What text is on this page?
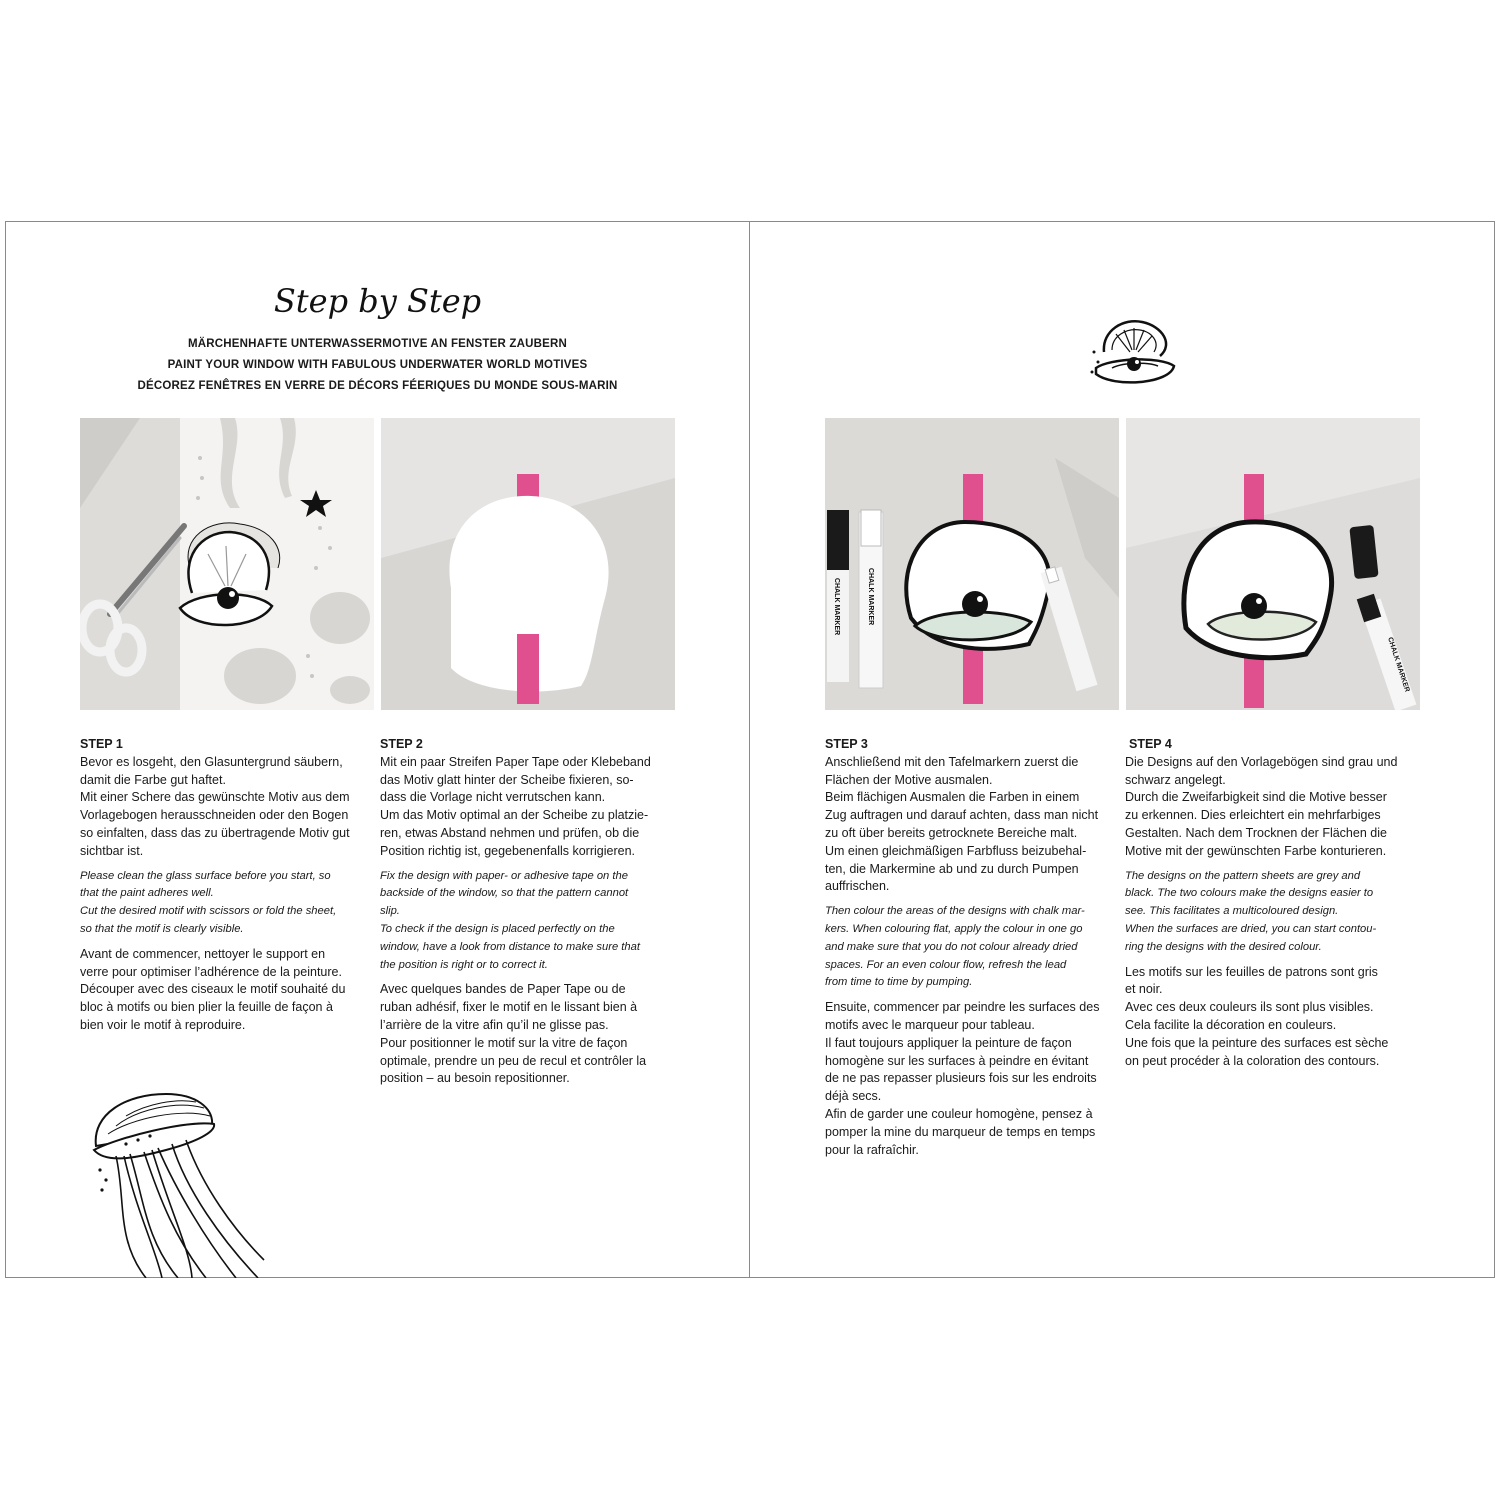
Step by Step
MÄRCHENHAFTE UNTERWASSERMOTIVE AN FENSTER ZAUBERN
PAINT YOUR WINDOW WITH FABULOUS UNDERWATER WORLD MOTIVES
DÉCOREZ FENÊTRES EN VERRE DE DÉCORS FÉERIQUES DU MONDE SOUS-MARIN
CHALK MARKER	CHALK MARKER
CHALK MARKER
STEP 1

Bevor es losgeht, den Glasuntergrund säubern,
damit die Farbe gut haftet.
Mit einer Schere das gewünschte Motiv aus dem
Vorlagebogen herausschneiden oder den Bogen
so einfalten, dass das zu übertragende Motiv gut
sichtbar ist.

Please clean the glass surface before you start, so
that the paint adheres well.
Cut the desired motif with scissors or fold the sheet,
so that the motif is clearly visible.

Avant de commencer, nettoyer le support en
verre pour optimiser l’adhérence de la peinture.
Découper avec des ciseaux le motif souhaité du
bloc à motifs ou bien plier la feuille de façon à
bien voir le motif à reproduire.

STEP 2

Mit ein paar Streifen Paper Tape oder Klebeband
das Motiv glatt hinter der Scheibe fixieren, so-
dass die Vorlage nicht verrutschen kann.
Um das Motiv optimal an der Scheibe zu platzie-
ren, etwas Abstand nehmen und prüfen, ob die
Position richtig ist, gegebenenfalls korrigieren.

Fix the design with paper- or adhesive tape on the
backside of the window, so that the pattern cannot
slip.
To check if the design is placed perfectly on the
window, have a look from distance to make sure that
the position is right or to correct it.

Avec quelques bandes de Paper Tape ou de
ruban adhésif, fixer le motif en le lissant bien à
l’arrière de la vitre afin qu’il ne glisse pas.
Pour positionner le motif sur la vitre de façon
optimale, prendre un peu de recul et contrôler la
position – au besoin repositionner.

STEP 3

Anschließend mit den Tafelmarkern zuerst die
Flächen der Motive ausmalen.
Beim flächigen Ausmalen die Farben in einem
Zug auftragen und darauf achten, dass man nicht
zu oft über bereits getrocknete Bereiche malt.
Um einen gleichmäßigen Farbfluss beizubehal-
ten, die Markermine ab und zu durch Pumpen
auffrischen.

Then colour the areas of the designs with chalk mar-
kers. When colouring flat, apply the colour in one go
and make sure that you do not colour already dried
spaces. For an even colour flow, refresh the lead
from time to time by pumping.

Ensuite, commencer par peindre les surfaces des
motifs avec le marqueur pour tableau.
Il faut toujours appliquer la peinture de façon
homogène sur les surfaces à peindre en évitant
de ne pas repasser plusieurs fois sur les endroits
déjà secs.
Afin de garder une couleur homogène, pensez à
pomper la mine du marqueur de temps en temps
pour la rafraîchir.

STEP 4

Die Designs auf den Vorlagebögen sind grau und
schwarz angelegt.
Durch die Zweifarbigkeit sind die Motive besser
zu erkennen. Dies erleichtert ein mehrfarbiges
Gestalten. Nach dem Trocknen der Flächen die
Motive mit der gewünschten Farbe konturieren.

The designs on the pattern sheets are grey and
black. The two colours make the designs easier to
see. This facilitates a multicoloured design.
When the surfaces are dried, you can start contou-
ring the designs with the desired colour.

Les motifs sur les feuilles de patrons sont gris
et noir.
Avec ces deux couleurs ils sont plus visibles.
Cela facilite la décoration en couleurs.
Une fois que la peinture des surfaces est sèche
on peut procéder à la coloration des contours.
